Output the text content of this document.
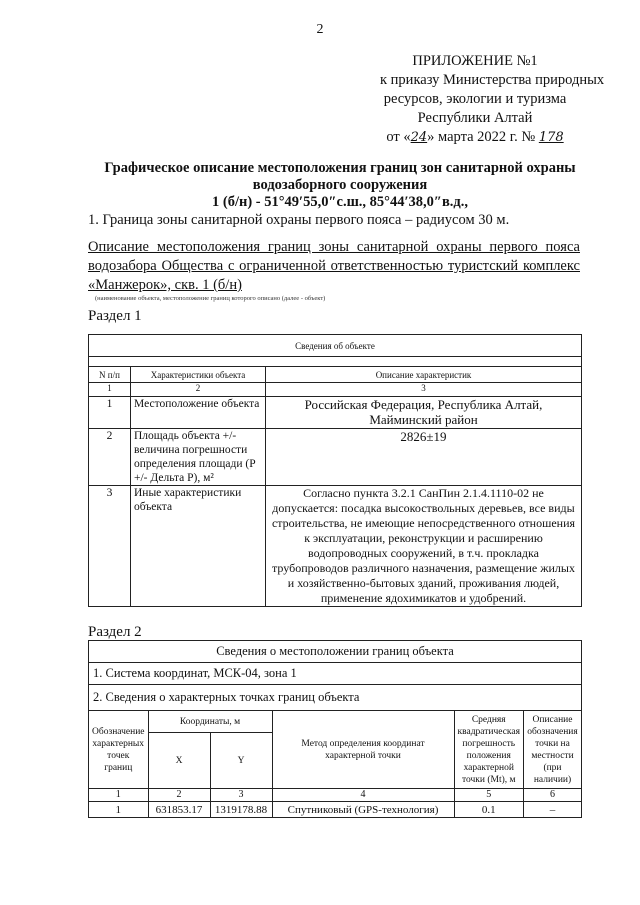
2
ПРИЛОЖЕНИЕ №1
к приказу Министерства природных
ресурсов, экологии и туризма
Республики Алтай
от «24» марта 2022 г. № 178
Графическое описание местоположения границ зон санитарной охраны
водозаборного сооружения
1 (б/н) - 51°49′55,0″с.ш., 85°44′38,0″в.д.,
1. Граница зоны санитарной охраны первого пояса – радиусом 30 м.
Описание местоположения границ зоны санитарной охраны первого пояса водозабора Общества с ограниченной ответственностью туристский комплекс «Манжерок», скв. 1 (б/н)
(наименование объекта, местоположение границ которого описано (далее - объект)
Раздел 1
Сведения об объекте		

N п/п	Характеристики объекта	Описание характеристик
1	2	3
1	Местоположение объекта	Российская Федерация, Республика Алтай, Майминский район
2	Площадь объекта +/- величина погрешности определения площади (Р +/- Дельта Р), м²	2826±19
3	Иные характеристики объекта	Согласно пункта 3.2.1 СанПин 2.1.4.1110-02 не допускается: посадка высокоствольных деревьев, все виды строительства, не имеющие непосредственного отношения к эксплуатации, реконструкции и расширению водопроводных сооружений, в т.ч. прокладка трубопроводов различного назначения, размещение жилых и хозяйственно-бытовых зданий, проживания людей, применение ядохимикатов и удобрений.
Раздел 2
Сведения о местоположении границ объекта					
1. Система координат, МСК-04, зона 1					
2. Сведения о характерных точках границ объекта					
Обозначение характерных точек границ	Координаты, м		Метод определения координат характерной точки	Средняя квадратическая погрешность положения характерной точки (Mt), м	Описание обозначения точки на местности (при наличии)
	X	Y			
1	2	3	4	5	6
1	631853.17	1319178.88	Спутниковый (GPS-технология)	0.1	–
